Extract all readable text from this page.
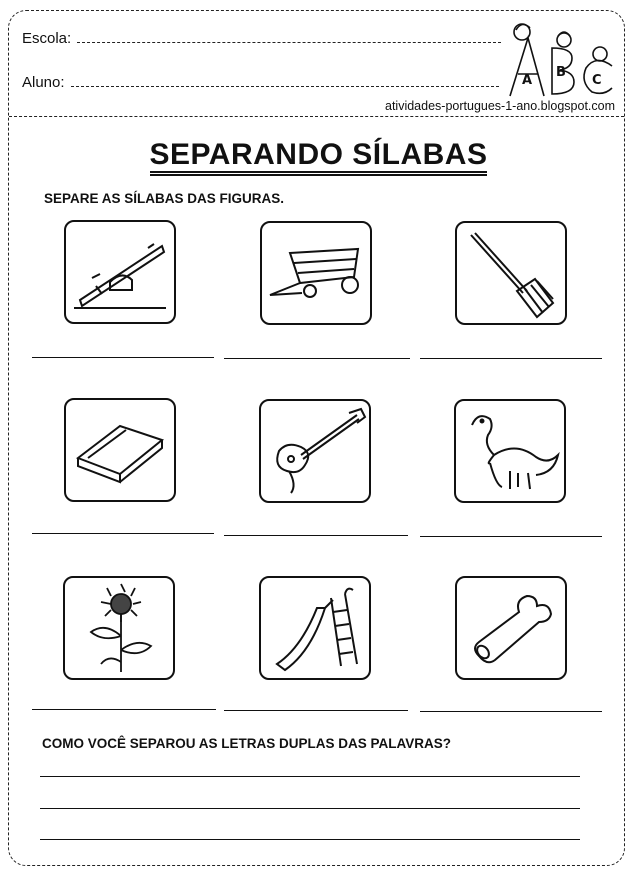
Escola:
Aluno:	A
B
C
atividades-portugues-1-ano.blogspot.com
SEPARANDO SÍLABAS
SEPARE AS SÍLABAS DAS FIGURAS.
COMO VOCÊ SEPAROU AS LETRAS DUPLAS DAS PALAVRAS?
